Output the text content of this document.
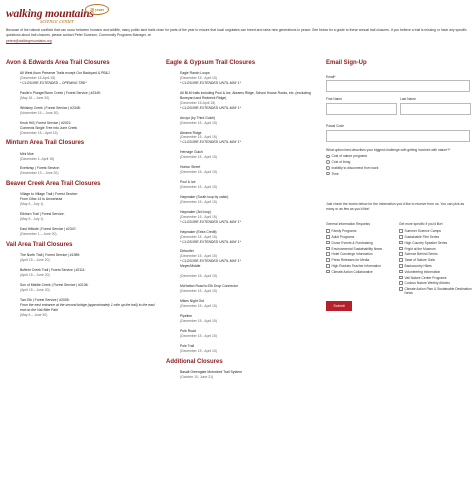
walking mountains
science center
20 years
Because of the natural conflicts that can occur between humans and wildlife, many public land trails close for parts of the year to ensure that local ungulates can breed and raise new generations in peace. See below for a guide to these annual trail closures. If you believe a trail is missing or have any specific questions about trail closures, please contact Peter Suneson, Community Programs Manager, at
peters@walkingmountains.org
Avon & Edwards Area Trail Closures
All West Avon Preserve Trails except Our Backyard & PB&J
(December 15-April 15)
* CLOSURE EXTENDED – OPENING TBD*
Paulie's Plunge/Stone Creek | Forest Service | #2349:
(May 16 – June 20)
Whiskey Creek | Forest Service | #2348:
(November 15 – June 30)
Knob Hill | Forest Service | #2021:
Connects Single Tree into June Creek
(December 15 – April 15)
Minturn Area Trail Closures
Mini Moe
(December 1- April 15)
Everkrisp | Forest Service:
(November 13 – June 20)
Beaver Creek Area Trail Closures
Village to Village Trail | Forest Service:
From Cifax 14 to Arrowhead
(May 6 - July 1)
Elkhorn Trail | Forest Service:
(May 6 - July 1)
East Hillside | Forest Service | #2347:
(December 1 – June 20)
Vail Area Trail Closures
The North Trail | Forest Service | #1989:
(April 15 – June 20)
Buffehr Creek Trail | Forest Service | #2111:
(April 15 – June 20)
Son of Middle Creek | Forest Service | #2136:
(April 15 – June 20)
Two Elk | Forest Service | #2005:
From the east entrance at the second bridge (approximately 1 mile up the trail) to the east end on the Vail Bike Path
(May 6 – June 30)
Eagle & Gypsum Trail Closures
Eagle Ranch Loops
(December 15 - April 15)
* CLOSURE EXTENDED UNTIL MAY 1*
All BLM trails including Pool & Ice, Abrams Ridge, School House Rocks, etc. (excluding Boneyard and Redneck Ridge)
(December 15-April 15)
* CLOSURE EXTENDED UNTIL MAY 1*
Arroyo (by Third Gulch)
(December 15 - April 15)
Abrams Ridge
(December 15 - April 15)
* CLOSURE EXTENDED UNTIL MAY 1*
Hernage Gulch
(December 15 - April 15)
Horton Street
(December 15 - April 15)
Pool & Ice
(December 15 - April 15)
Haymaker (South loop by cabin)
(December 15 - April 15)
Haymaker (3rd loop)
(December 15 - April 15)
* CLOSURE EXTENDED UNTIL MAY 1*
Haymaker (Extra Credit)
(December 15 - April 15)
* CLOSURE EXTENDED UNTIL MAY 1*
Dirtsurfer
(December 15 - April 15)
* CLOSURE EXTENDED UNTIL MAY 1*
Meyer/Middle
(December 15 - April 15)
McHatton Road to Elk Drop Connector
(December 15 - April 15)
Mikes Night Out
(December 15 - April 15)
Pipeline
(December 15 - April 15)
Pole Road
(December 15 - April 15)
Pole Trail
(December 15 - April 15)
Additional Closures
Basalt Greengate Motorized Trail System
(October 10- June 21)
Email Sign-Up
Email*
First Name	Last Name
Postal Code
What option best describes your biggest challenge with getting involved with nature?*
Cost of nature programs
Cost of living
Inability to disconnect from work
Time
Just check the boxes below for the information you'd like to receive from us. You can pick as many or as few as you'd like!
General Information Requests
Family Programs
Adult Programs
Donor Events & Fundraising
Environmental Sustainability News
Hotel Concierge Information
Press Releases for Media
High Rockies Teacher Information
Climate Action Collaborative
Get more specific if you'd like!
Summer Science Camps
Sustainable Film Series
High Country Speaker Series
Fright at the Museum
Science Behind Series
Taste of Nature Gala
Backcountry Hikes
Volunteering Information
Vail Nature Center Programs
Curious Nature Weekly Articles
Climate Action Plan & Sustainable Destination News
Submit
